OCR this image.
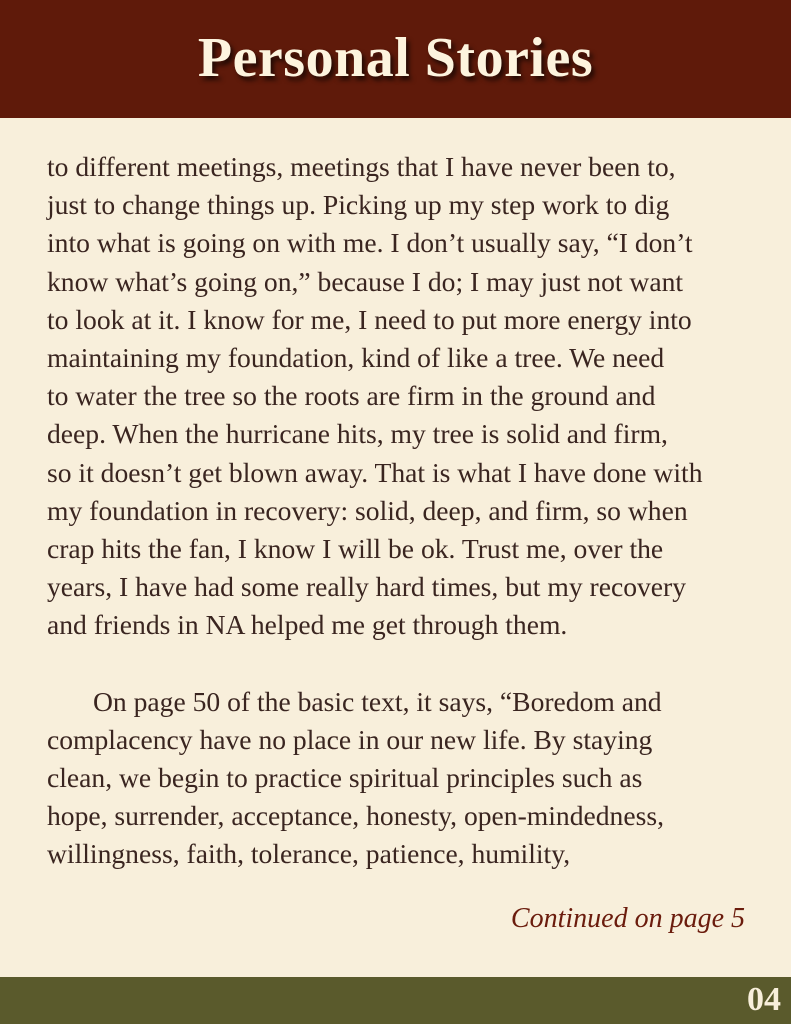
Personal Stories

to different meetings, meetings that I have never been to,
just to change things up. Picking up my step work to dig
into what is going on with me. I don’t usually say, “I don’t
know what’s going on,” because I do; I may just not want
to look at it. I know for me, I need to put more energy into
maintaining my foundation, kind of like a tree. We need
to water the tree so the roots are firm in the ground and
deep. When the hurricane hits, my tree is solid and firm,
so it doesn’t get blown away. That is what I have done with
my foundation in recovery: solid, deep, and firm, so when
crap hits the fan, I know I will be ok. Trust me, over the
years, I have had some really hard times, but my recovery
and friends in NA helped me get through them.

On page 50 of the basic text, it says, “Boredom and
complacency have no place in our new life. By staying
clean, we begin to practice spiritual principles such as
hope, surrender, acceptance, honesty, open-mindedness,
willingness, faith, tolerance, patience, humility,

Continued on page 5
04
